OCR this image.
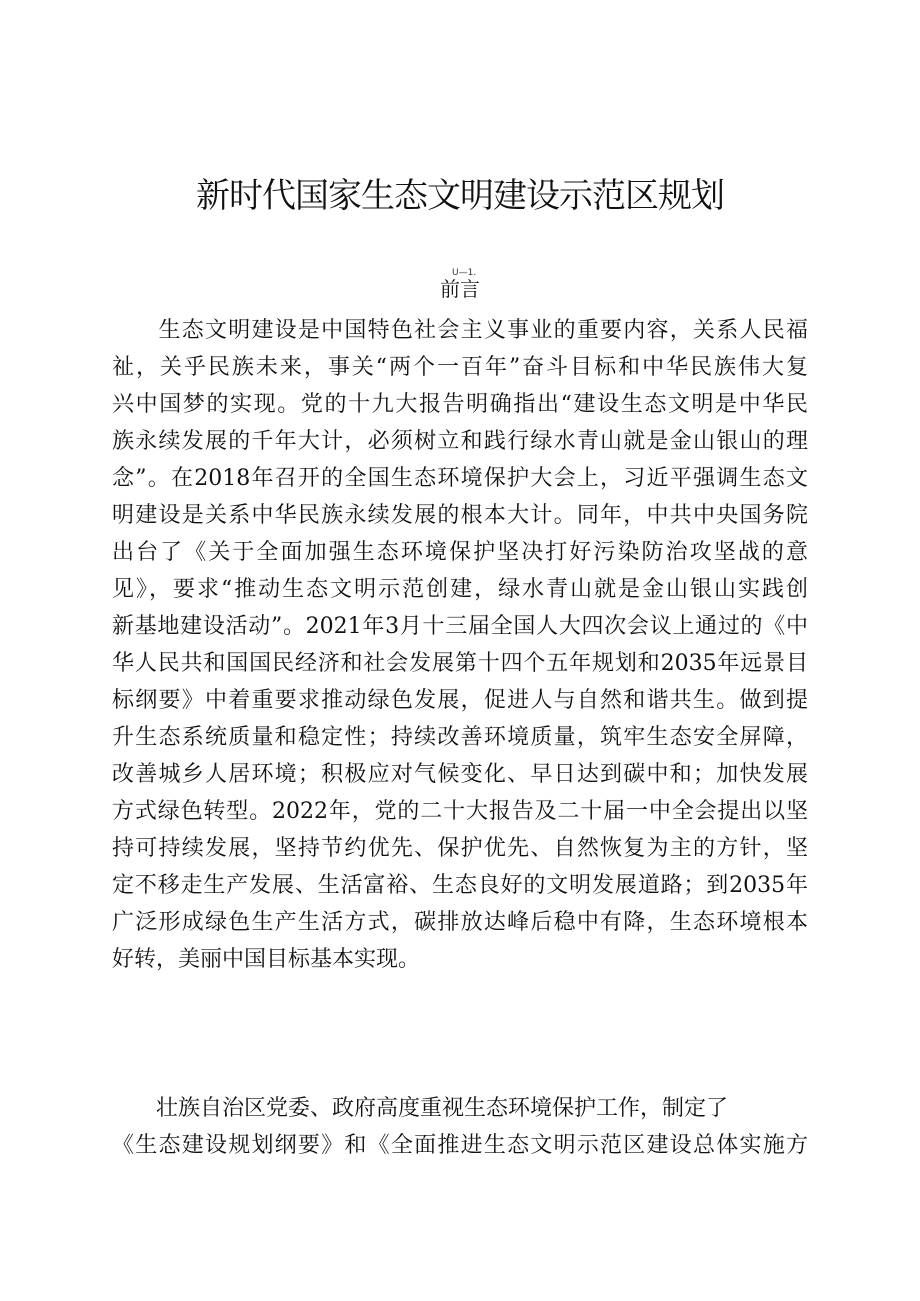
新时代国家生态文明建设示范区规划
U—1.
前言
　　生态文明建设是中国特色社会主义事业的重要内容，关系人民福
祉，关乎民族未来，事关“两个一百年”奋斗目标和中华民族伟大复
兴中国梦的实现。党的十九大报告明确指出“建设生态文明是中华民
族永续发展的千年大计，必须树立和践行绿水青山就是金山银山的理
念”。在2018年召开的全国生态环境保护大会上，习近平强调生态文
明建设是关系中华民族永续发展的根本大计。同年，中共中央国务院
出台了《关于全面加强生态环境保护坚决打好污染防治攻坚战的意
见》，要求“推动生态文明示范创建，绿水青山就是金山银山实践创
新基地建设活动”。2021年3月十三届全国人大四次会议上通过的《中
华人民共和国国民经济和社会发展第十四个五年规划和2035年远景目
标纲要》中着重要求推动绿色发展，促进人与自然和谐共生。做到提
升生态系统质量和稳定性；持续改善环境质量，筑牢生态安全屏障，
改善城乡人居环境；积极应对气候变化、早日达到碳中和；加快发展
方式绿色转型。2022年，党的二十大报告及二十届一中全会提出以坚
持可持续发展，坚持节约优先、保护优先、自然恢复为主的方针，坚
定不移走生产发展、生活富裕、生态良好的文明发展道路；到2035年
广泛形成绿色生产生活方式，碳排放达峰后稳中有降，生态环境根本
好转，美丽中国目标基本实现。
　　壮族自治区党委、政府高度重视生态环境保护工作，制定了
《生态建设规划纲要》和《全面推进生态文明示范区建设总体实施方
